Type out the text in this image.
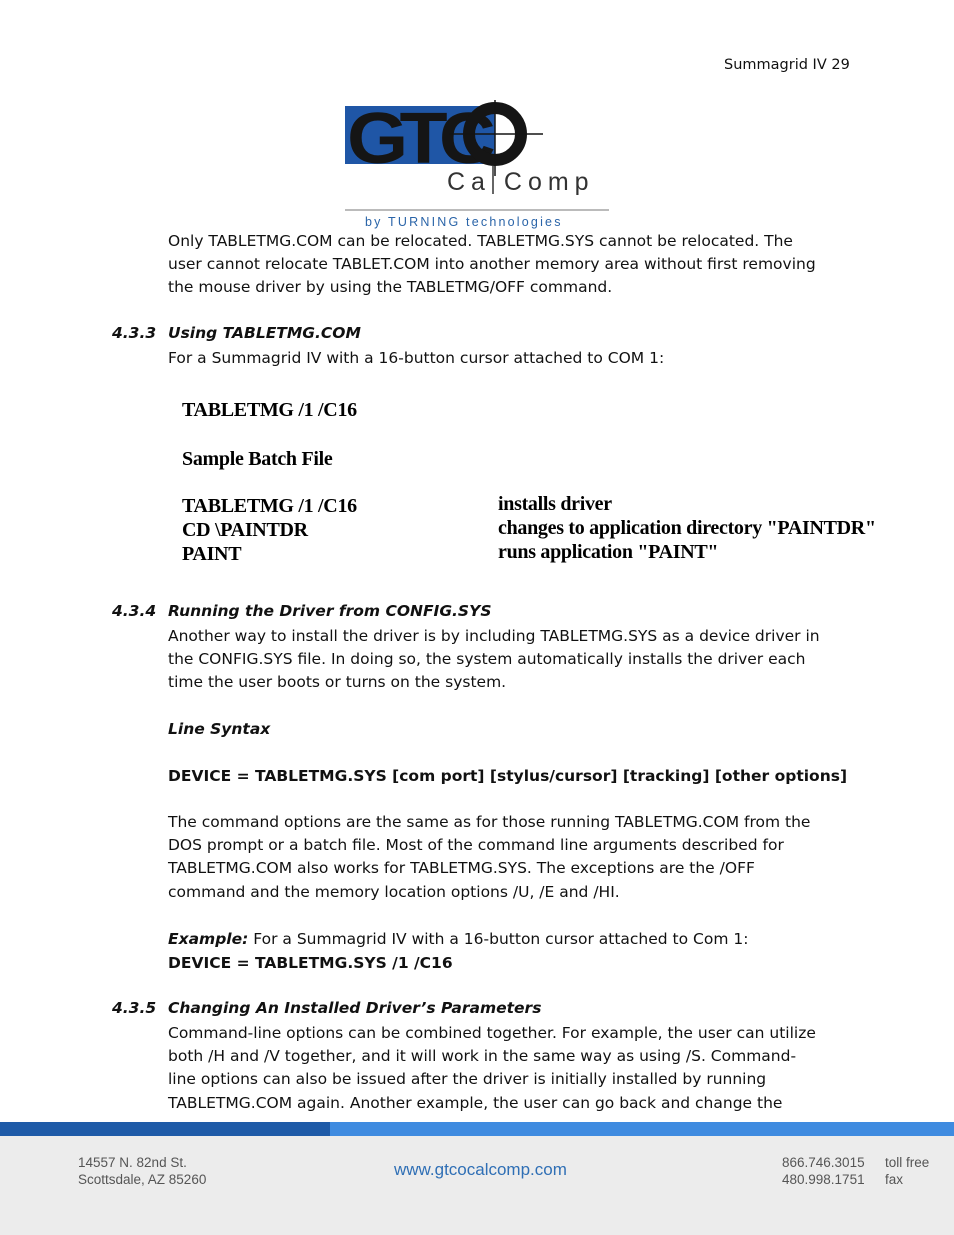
Summagrid IV 29
GTC
Ca Comp
by TURNING technologies
Only TABLETMG.COM can be relocated. TABLETMG.SYS cannot be relocated. The
user cannot relocate TABLET.COM into another memory area without first removing
the mouse driver by using the TABLETMG/OFF command.
4.3.3 Using TABLETMG.COM
For a Summagrid IV with a 16-button cursor attached to COM 1:
TABLETMG /1 /C16
Sample Batch File
TABLETMG /1 /C16
CD \PAINTDR
PAINT
installs driver
changes to application directory "PAINTDR"
runs application "PAINT"
4.3.4 Running the Driver from CONFIG.SYS
Another way to install the driver is by including TABLETMG.SYS as a device driver in
the CONFIG.SYS file. In doing so, the system automatically installs the driver each
time the user boots or turns on the system.
Line Syntax
DEVICE = TABLETMG.SYS [com port] [stylus/cursor] [tracking] [other options]
The command options are the same as for those running TABLETMG.COM from the
DOS prompt or a batch file. Most of the command line arguments described for
TABLETMG.COM also works for TABLETMG.SYS. The exceptions are the /OFF
command and the memory location options /U, /E and /HI.
Example: For a Summagrid IV with a 16-button cursor attached to Com 1:
DEVICE = TABLETMG.SYS /1 /C16
4.3.5 Changing An Installed Driver’s Parameters
Command-line options can be combined together. For example, the user can utilize
both /H and /V together, and it will work in the same way as using /S. Command-
line options can also be issued after the driver is initially installed by running
TABLETMG.COM again. Another example, the user can go back and change the
14557 N. 82nd St.
Scottsdale, AZ 85260
www.gtcocalcomp.com	866.746.3015
480.998.1751
toll free
fax
